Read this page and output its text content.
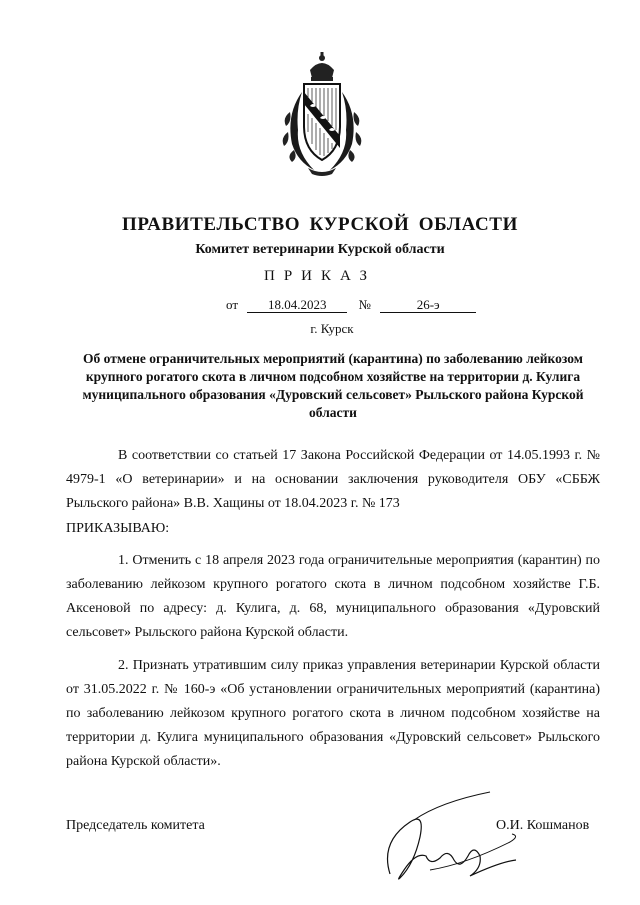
ПРАВИТЕЛЬСТВО КУРСКОЙ ОБЛАСТИ
Комитет ветеринарии Курской области
ПРИКАЗ
от 18.04.2023 №	26-э
г. Курск
Об отмене ограничительных мероприятий (карантина) по заболеванию лейкозом крупного рогатого скота в личном подсобном хозяйстве на территории д. Кулига муниципального образования «Дуровский сельсовет» Рыльского района Курской области

В соответствии со статьей 17 Закона Российской Федерации от 14.05.1993 г. № 4979-1 «О ветеринарии» и на основании заключения руководителя ОБУ «СББЖ Рыльского района» В.В. Хащины от 18.04.2023 г. № 173

ПРИКАЗЫВАЮ:

1. Отменить с 18 апреля 2023 года ограничительные мероприятия (карантин) по заболеванию лейкозом крупного рогатого скота в личном подсобном хозяйстве Г.Б. Аксеновой по адресу: д. Кулига, д. 68, муниципального образования «Дуровский сельсовет» Рыльского района Курской области.

2. Признать утратившим силу приказ управления ветеринарии Курской области от 31.05.2022 г. № 160-э «Об установлении ограничительных мероприятий (карантина) по заболеванию лейкозом крупного рогатого скота в личном подсобном хозяйстве на территории д. Кулига муниципального образования «Дуровский сельсовет» Рыльского района Курской области».

Председатель комитета	О.И. Кошманов
